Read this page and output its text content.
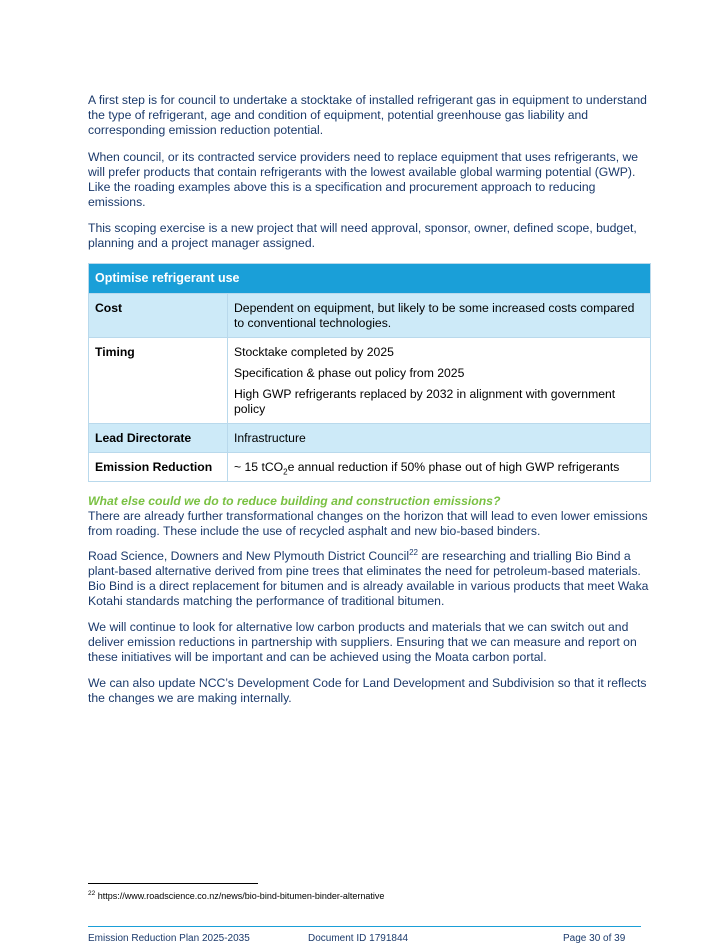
A first step is for council to undertake a stocktake of installed refrigerant gas in equipment to understand the type of refrigerant, age and condition of equipment, potential greenhouse gas liability and corresponding emission reduction potential.

When council, or its contracted service providers need to replace equipment that uses refrigerants, we will prefer products that contain refrigerants with the lowest available global warming potential (GWP). Like the roading examples above this is a specification and procurement approach to reducing emissions.

This scoping exercise is a new project that will need approval, sponsor, owner, defined scope, budget, planning and a project manager assigned.

Optimise refrigerant use	
Cost	Dependent on equipment, but likely to be some increased costs compared to conventional technologies.
Timing	Stocktake completed by 2025
Specification & phase out policy from 2025
High GWP refrigerants replaced by 2032 in alignment with government policy

Lead Directorate	Infrastructure
Emission Reduction	~ 15 tCO$_2$e annual reduction if 50% phase out of high GWP refrigerants

What else could we do to reduce building and construction emissions?

There are already further transformational changes on the horizon that will lead to even lower emissions from roading. These include the use of recycled asphalt and new bio-based binders.

Road Science, Downers and New Plymouth District Council$^{22}$ are researching and trialling Bio Bind a plant-based alternative derived from pine trees that eliminates the need for petroleum-based materials. Bio Bind is a direct replacement for bitumen and is already available in various products that meet Waka Kotahi standards matching the performance of traditional bitumen.

We will continue to look for alternative low carbon products and materials that we can switch out and deliver emission reductions in partnership with suppliers. Ensuring that we can measure and report on these initiatives will be important and can be achieved using the Moata carbon portal.

We can also update NCC’s Development Code for Land Development and Subdivision so that it reflects the changes we are making internally.

$^{22}$ https://www.roadscience.co.nz/news/bio-bind-bitumen-binder-alternative
Emission Reduction Plan 2025-2035	Document ID 1791844	Page 30 of 39
